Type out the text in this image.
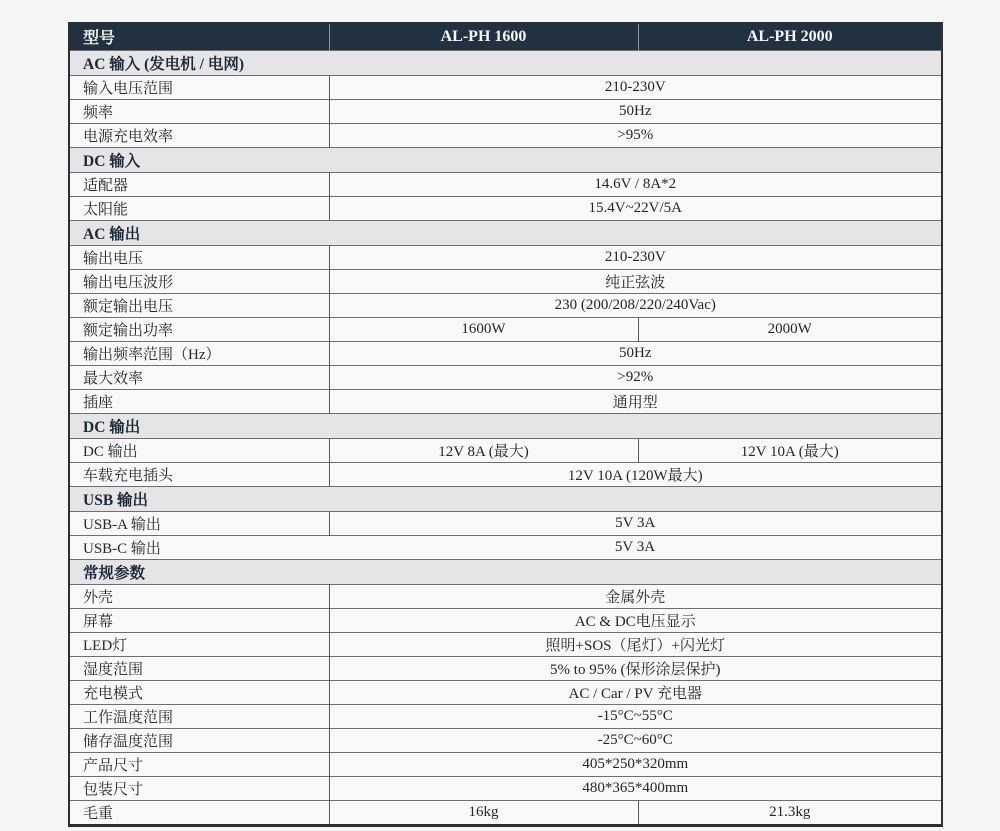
型号	AL-PH 1600	AL-PH 2000
AC 输入 (发电机 / 电网)		
输入电压范围	210-230V	
频率	50Hz	
电源充电效率	>95%	
DC 输入		
适配器	14.6V / 8A*2	
太阳能	15.4V~22V/5A	
AC 输出		
输出电压	210-230V	
输出电压波形	纯正弦波	
额定输出电压	230 (200/208/220/240Vac)	
额定输出功率	1600W	2000W
输出频率范围（Hz）	50Hz	
最大效率	>92%	
插座	通用型	
DC 输出		
DC 输出	12V 8A (最大)	12V 10A (最大)
车载充电插头	12V 10A (120W最大)	
USB 输出		
USB-A 输出	5V 3A	
USB-C 输出	5V 3A	
常规参数		
外壳	金属外壳	
屏幕	AC & DC电压显示	
LED灯	照明+SOS（尾灯）+闪光灯	
湿度范围	5% to 95% (保形涂层保护)	
充电模式	AC / Car / PV 充电器	
工作温度范围	-15°C~55°C	
储存温度范围	-25°C~60°C	
产品尺寸	405*250*320mm	
包装尺寸	480*365*400mm	
毛重	16kg	21.3kg
